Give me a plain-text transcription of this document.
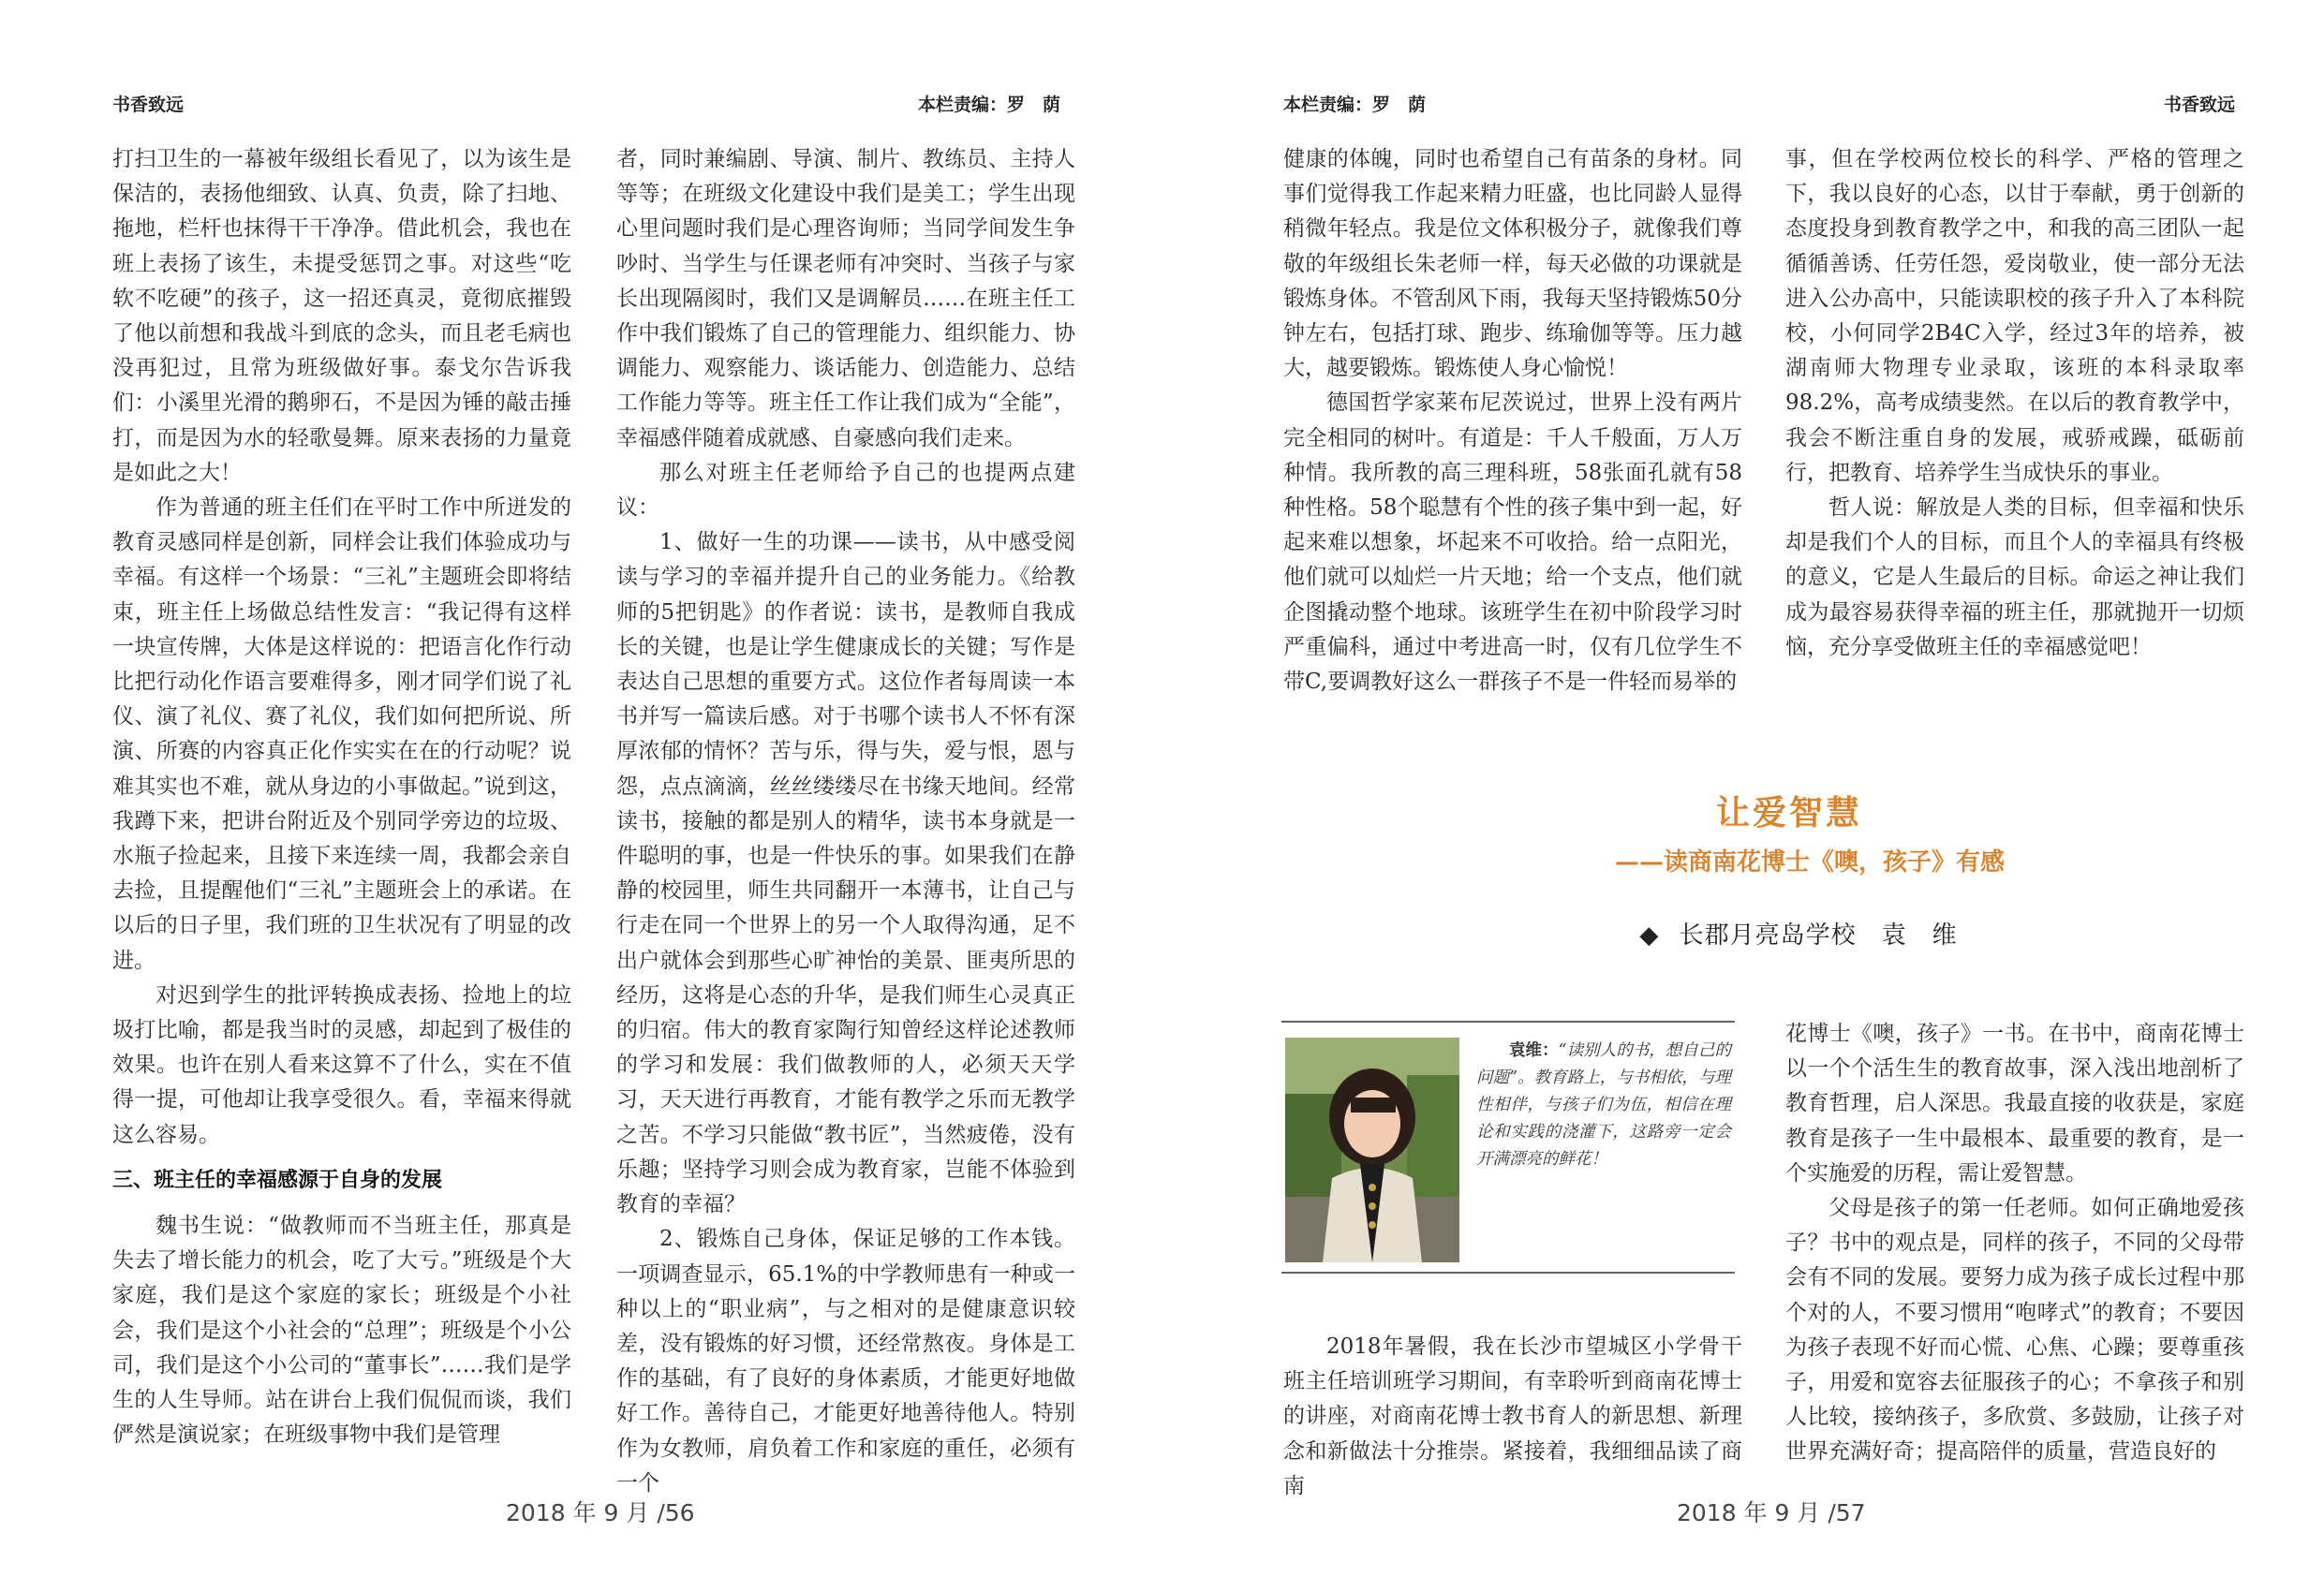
书香致远	本栏责编：罗　荫

打扫卫生的一幕被年级组长看见了，以为该生是保洁的，表扬他细致、认真、负责，除了扫地、拖地，栏杆也抹得干干净净。借此机会，我也在班上表扬了该生，未提受惩罚之事。对这些“吃软不吃硬”的孩子，这一招还真灵，竟彻底摧毁了他以前想和我战斗到底的念头，而且老毛病也没再犯过，且常为班级做好事。泰戈尔告诉我们：小溪里光滑的鹅卵石，不是因为锤的敲击捶打，而是因为水的轻歌曼舞。原来表扬的力量竟是如此之大！

作为普通的班主任们在平时工作中所迸发的教育灵感同样是创新，同样会让我们体验成功与幸福。有这样一个场景：“三礼”主题班会即将结束，班主任上场做总结性发言：“我记得有这样一块宣传牌，大体是这样说的：把语言化作行动比把行动化作语言要难得多，刚才同学们说了礼仪、演了礼仪、赛了礼仪，我们如何把所说、所演、所赛的内容真正化作实实在在的行动呢？说难其实也不难，就从身边的小事做起。”说到这，我蹲下来，把讲台附近及个别同学旁边的垃圾、水瓶子捡起来，且接下来连续一周，我都会亲自去捡，且提醒他们“三礼”主题班会上的承诺。在以后的日子里，我们班的卫生状况有了明显的改进。

对迟到学生的批评转换成表扬、捡地上的垃圾打比喻，都是我当时的灵感，却起到了极佳的效果。也许在别人看来这算不了什么，实在不值得一提，可他却让我享受很久。看，幸福来得就这么容易。

三、班主任的幸福感源于自身的发展

魏书生说：“做教师而不当班主任，那真是失去了增长能力的机会，吃了大亏。”班级是个大家庭，我们是这个家庭的家长；班级是个小社会，我们是这个小社会的“总理”；班级是个小公司，我们是这个小公司的“董事长”……我们是学生的人生导师。站在讲台上我们侃侃而谈，我们俨然是演说家；在班级事物中我们是管理

者，同时兼编剧、导演、制片、教练员、主持人等等；在班级文化建设中我们是美工；学生出现心里问题时我们是心理咨询师；当同学间发生争吵时、当学生与任课老师有冲突时、当孩子与家长出现隔阂时，我们又是调解员……在班主任工作中我们锻炼了自己的管理能力、组织能力、协调能力、观察能力、谈话能力、创造能力、总结工作能力等等。班主任工作让我们成为“全能”，幸福感伴随着成就感、自豪感向我们走来。

那么对班主任老师给予自己的也提两点建议：

1、做好一生的功课——读书，从中感受阅读与学习的幸福并提升自己的业务能力。《给教师的5把钥匙》的作者说：读书，是教师自我成长的关键，也是让学生健康成长的关键；写作是表达自己思想的重要方式。这位作者每周读一本书并写一篇读后感。对于书哪个读书人不怀有深厚浓郁的情怀？苦与乐，得与失，爱与恨，恩与怨，点点滴滴，丝丝缕缕尽在书缘天地间。经常读书，接触的都是别人的精华，读书本身就是一件聪明的事，也是一件快乐的事。如果我们在静静的校园里，师生共同翻开一本薄书，让自己与行走在同一个世界上的另一个人取得沟通，足不出户就体会到那些心旷神怡的美景、匪夷所思的经历，这将是心态的升华，是我们师生心灵真正的归宿。伟大的教育家陶行知曾经这样论述教师的学习和发展：我们做教师的人，必须天天学习，天天进行再教育，才能有教学之乐而无教学之苦。不学习只能做“教书匠”，当然疲倦，没有乐趣；坚持学习则会成为教育家，岂能不体验到教育的幸福？

2、锻炼自己身体，保证足够的工作本钱。一项调查显示，65.1%的中学教师患有一种或一种以上的“职业病”，与之相对的是健康意识较差，没有锻炼的好习惯，还经常熬夜。身体是工作的基础，有了良好的身体素质，才能更好地做好工作。善待自己，才能更好地善待他人。特别作为女教师，肩负着工作和家庭的重任，必须有一个

2018 年 9 月 /56
本栏责编：罗　荫	书香致远

健康的体魄，同时也希望自己有苗条的身材。同事们觉得我工作起来精力旺盛，也比同龄人显得稍微年轻点。我是位文体积极分子，就像我们尊敬的年级组长朱老师一样，每天必做的功课就是锻炼身体。不管刮风下雨，我每天坚持锻炼50分钟左右，包括打球、跑步、练瑜伽等等。压力越大，越要锻炼。锻炼使人身心愉悦！

德国哲学家莱布尼茨说过，世界上没有两片完全相同的树叶。有道是：千人千般面，万人万种情。我所教的高三理科班，58张面孔就有58种性格。58个聪慧有个性的孩子集中到一起，好起来难以想象，坏起来不可收拾。给一点阳光，他们就可以灿烂一片天地；给一个支点，他们就企图撬动整个地球。该班学生在初中阶段学习时严重偏科，通过中考进高一时，仅有几位学生不带C,要调教好这么一群孩子不是一件轻而易举的

事，但在学校两位校长的科学、严格的管理之下，我以良好的心态，以甘于奉献，勇于创新的态度投身到教育教学之中，和我的高三团队一起循循善诱、任劳任怨，爱岗敬业，使一部分无法进入公办高中，只能读职校的孩子升入了本科院校，小何同学2B4C入学，经过3年的培养，被湖南师大物理专业录取，该班的本科录取率98.2%，高考成绩斐然。在以后的教育教学中，我会不断注重自身的发展，戒骄戒躁，砥砺前行，把教育、培养学生当成快乐的事业。

哲人说：解放是人类的目标，但幸福和快乐却是我们个人的目标，而且个人的幸福具有终极的意义，它是人生最后的目标。命运之神让我们成为最容易获得幸福的班主任，那就抛开一切烦恼，充分享受做班主任的幸福感觉吧！

让爱智慧
——读商南花博士《噢，孩子》有感
◆ 长郡月亮岛学校　袁　维
袁维：“读别人的书，想自己的问题”。教育路上，与书相依，与理性相伴，与孩子们为伍，相信在理论和实践的浇灌下，这路旁一定会开满漂亮的鲜花！

2018年暑假，我在长沙市望城区小学骨干班主任培训班学习期间，有幸聆听到商南花博士的讲座，对商南花博士教书育人的新思想、新理念和新做法十分推崇。紧接着，我细细品读了商南

花博士《噢，孩子》一书。在书中，商南花博士以一个个活生生的教育故事，深入浅出地剖析了教育哲理，启人深思。我最直接的收获是，家庭教育是孩子一生中最根本、最重要的教育，是一个实施爱的历程，需让爱智慧。

父母是孩子的第一任老师。如何正确地爱孩子？书中的观点是，同样的孩子，不同的父母带会有不同的发展。要努力成为孩子成长过程中那个对的人，不要习惯用“咆哮式”的教育；不要因为孩子表现不好而心慌、心焦、心躁；要尊重孩子，用爱和宽容去征服孩子的心；不拿孩子和别人比较，接纳孩子，多欣赏、多鼓励，让孩子对世界充满好奇；提高陪伴的质量，营造良好的

2018 年 9 月 /57
